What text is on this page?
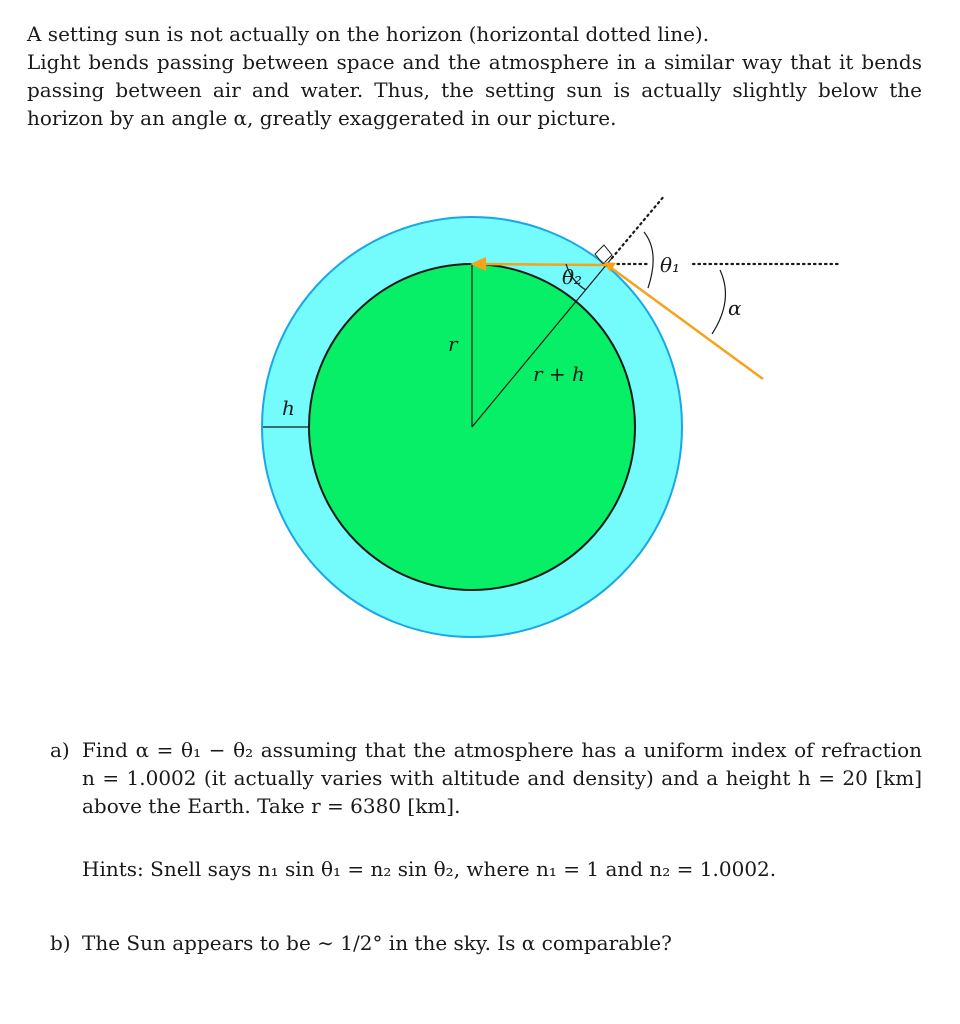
A setting sun is not actually on the horizon (horizontal dotted line).

Light bends passing between space and the atmosphere in a similar way that it bends passing between air and water. Thus, the setting sun is actually slightly below the horizon by an angle α, greatly exaggerated in our picture.

θ₁
θ₂
α
r
r + h
h
a) Find α = θ₁ − θ₂ assuming that the atmosphere has a uniform index of refraction n = 1.0002 (it actually varies with altitude and density) and a height h = 20 [km] above the Earth. Take r = 6380 [km].
Hints: Snell says n₁ sin θ₁ = n₂ sin θ₂, where n₁ = 1 and n₂ = 1.0002.
b) The Sun appears to be ∼ 1/2° in the sky. Is α comparable?
